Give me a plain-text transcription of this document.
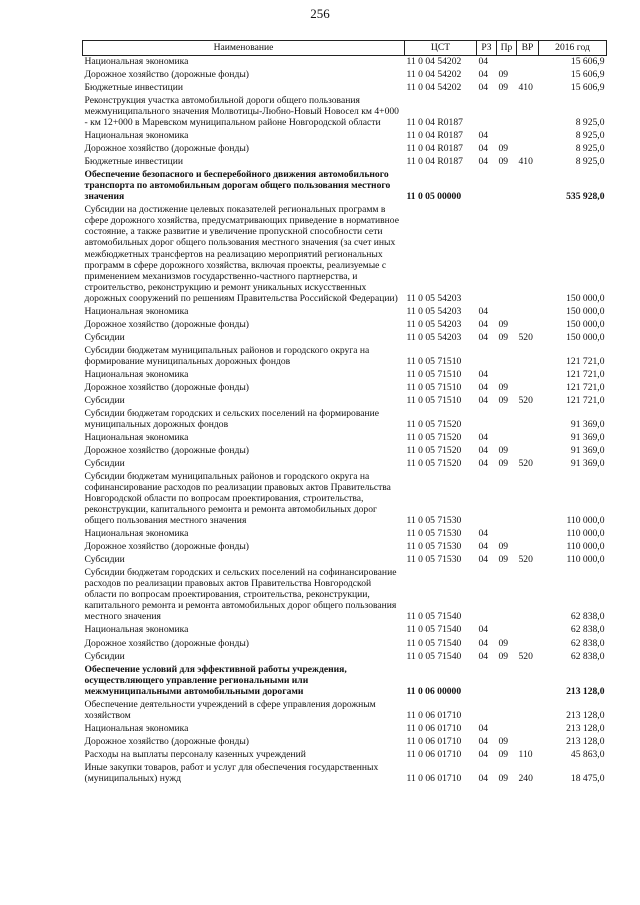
256
Наименование	ЦСТ	РЗ	Пр	ВР	2016 год
Национальная экономика	11 0 04 54202	04			15 606,9
Дорожное хозяйство (дорожные фонды)	11 0 04 54202	04	09		15 606,9
Бюджетные инвестиции	11 0 04 54202	04	09	410	15 606,9
Реконструкция участка автомобильной дороги общего пользования межмуниципального значения Молвотицы-Любно-Новый Новосел км 4+000 - км 12+000 в Маревском муниципальном районе Новгородской области	11 0 04 R0187				8 925,0
Национальная экономика	11 0 04 R0187	04			8 925,0
Дорожное хозяйство (дорожные фонды)	11 0 04 R0187	04	09		8 925,0
Бюджетные инвестиции	11 0 04 R0187	04	09	410	8 925,0
Обеспечение безопасного и бесперебойного движения автомобильного транспорта по автомобильным дорогам общего пользования местного значения	11 0 05 00000				535 928,0
Субсидии на достижение целевых показателей региональных программ в сфере дорожного хозяйства, предусматривающих приведение в нормативное состояние, а также развитие и увеличение пропускной способности сети автомобильных дорог общего пользования местного значения (за счет иных межбюджетных трансфертов на реализацию мероприятий региональных программ в сфере дорожного хозяйства, включая проекты, реализуемые с применением механизмов государственно-частного партнерства, и строительство, реконструкцию и ремонт уникальных искусственных дорожных сооружений по решениям Правительства Российской Федерации)	11 0 05 54203				150 000,0
Национальная экономика	11 0 05 54203	04			150 000,0
Дорожное хозяйство (дорожные фонды)	11 0 05 54203	04	09		150 000,0
Субсидии	11 0 05 54203	04	09	520	150 000,0
Субсидии бюджетам муниципальных районов и городского округа на формирование муниципальных дорожных фондов	11 0 05 71510				121 721,0
Национальная экономика	11 0 05 71510	04			121 721,0
Дорожное хозяйство (дорожные фонды)	11 0 05 71510	04	09		121 721,0
Субсидии	11 0 05 71510	04	09	520	121 721,0
Субсидии бюджетам городских и сельских поселений на формирование муниципальных дорожных фондов	11 0 05 71520				91 369,0
Национальная экономика	11 0 05 71520	04			91 369,0
Дорожное хозяйство (дорожные фонды)	11 0 05 71520	04	09		91 369,0
Субсидии	11 0 05 71520	04	09	520	91 369,0
Субсидии бюджетам муниципальных районов и городского округа на софинансирование расходов по реализации правовых актов Правительства Новгородской области по вопросам проектирования, строительства, реконструкции, капитального ремонта и ремонта автомобильных дорог общего пользования местного значения	11 0 05 71530				110 000,0
Национальная экономика	11 0 05 71530	04			110 000,0
Дорожное хозяйство (дорожные фонды)	11 0 05 71530	04	09		110 000,0
Субсидии	11 0 05 71530	04	09	520	110 000,0
Субсидии бюджетам городских и сельских поселений на софинансирование расходов по реализации правовых актов Правительства Новгородской области по вопросам проектирования, строительства, реконструкции, капитального ремонта и ремонта автомобильных дорог общего пользования местного значения	11 0 05 71540				62 838,0
Национальная экономика	11 0 05 71540	04			62 838,0
Дорожное хозяйство (дорожные фонды)	11 0 05 71540	04	09		62 838,0
Субсидии	11 0 05 71540	04	09	520	62 838,0
Обеспечение условий для эффективной работы учреждения, осуществляющего управление региональными или межмуниципальными автомобильными дорогами	11 0 06 00000				213 128,0
Обеспечение деятельности учреждений в сфере управления дорожным хозяйством	11 0 06 01710				213 128,0
Национальная экономика	11 0 06 01710	04			213 128,0
Дорожное хозяйство (дорожные фонды)	11 0 06 01710	04	09		213 128,0
Расходы на выплаты персоналу казенных учреждений	11 0 06 01710	04	09	110	45 863,0
Иные закупки товаров, работ и услуг для обеспечения государственных (муниципальных) нужд	11 0 06 01710	04	09	240	18 475,0
